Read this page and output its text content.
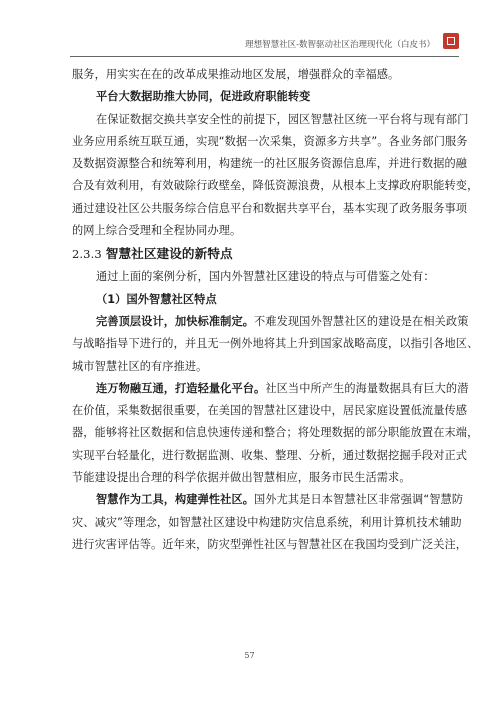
理想智慧社区-数智驱动社区治理现代化（白皮书）
服务，用实实在在的改革成果推动地区发展，增强群众的幸福感。
平台大数据助推大协同，促进政府职能转变
在保证数据交换共享安全性的前提下，园区智慧社区统一平台将与现有部门
业务应用系统互联互通，实现“数据一次采集，资源多方共享”。各业务部门服务
及数据资源整合和统筹利用，构建统一的社区服务资源信息库，并进行数据的融
合及有效利用，有效破除行政壁垒，降低资源浪费，从根本上支撑政府职能转变，
通过建设社区公共服务综合信息平台和数据共享平台，基本实现了政务服务事项
的网上综合受理和全程协同办理。
2.3.3 智慧社区建设的新特点
通过上面的案例分析，国内外智慧社区建设的特点与可借鉴之处有：
（1）国外智慧社区特点
完善顶层设计，加快标准制定。不难发现国外智慧社区的建设是在相关政策
与战略指导下进行的，并且无一例外地将其上升到国家战略高度，以指引各地区、
城市智慧社区的有序推进。
连万物融互通，打造轻量化平台。社区当中所产生的海量数据具有巨大的潜
在价值，采集数据很重要，在美国的智慧社区建设中，居民家庭设置低流量传感
器，能够将社区数据和信息快速传递和整合；将处理数据的部分职能放置在末端，
实现平台轻量化，进行数据监测、收集、整理、分析，通过数据挖掘手段对正式
节能建设提出合理的科学依据并做出智慧相应，服务市民生活需求。
智慧作为工具，构建弹性社区。国外尤其是日本智慧社区非常强调“智慧防
灾、减灾”等理念，如智慧社区建设中构建防灾信息系统，利用计算机技术辅助
进行灾害评估等。近年来，防灾型弹性社区与智慧社区在我国均受到广泛关注，
57
